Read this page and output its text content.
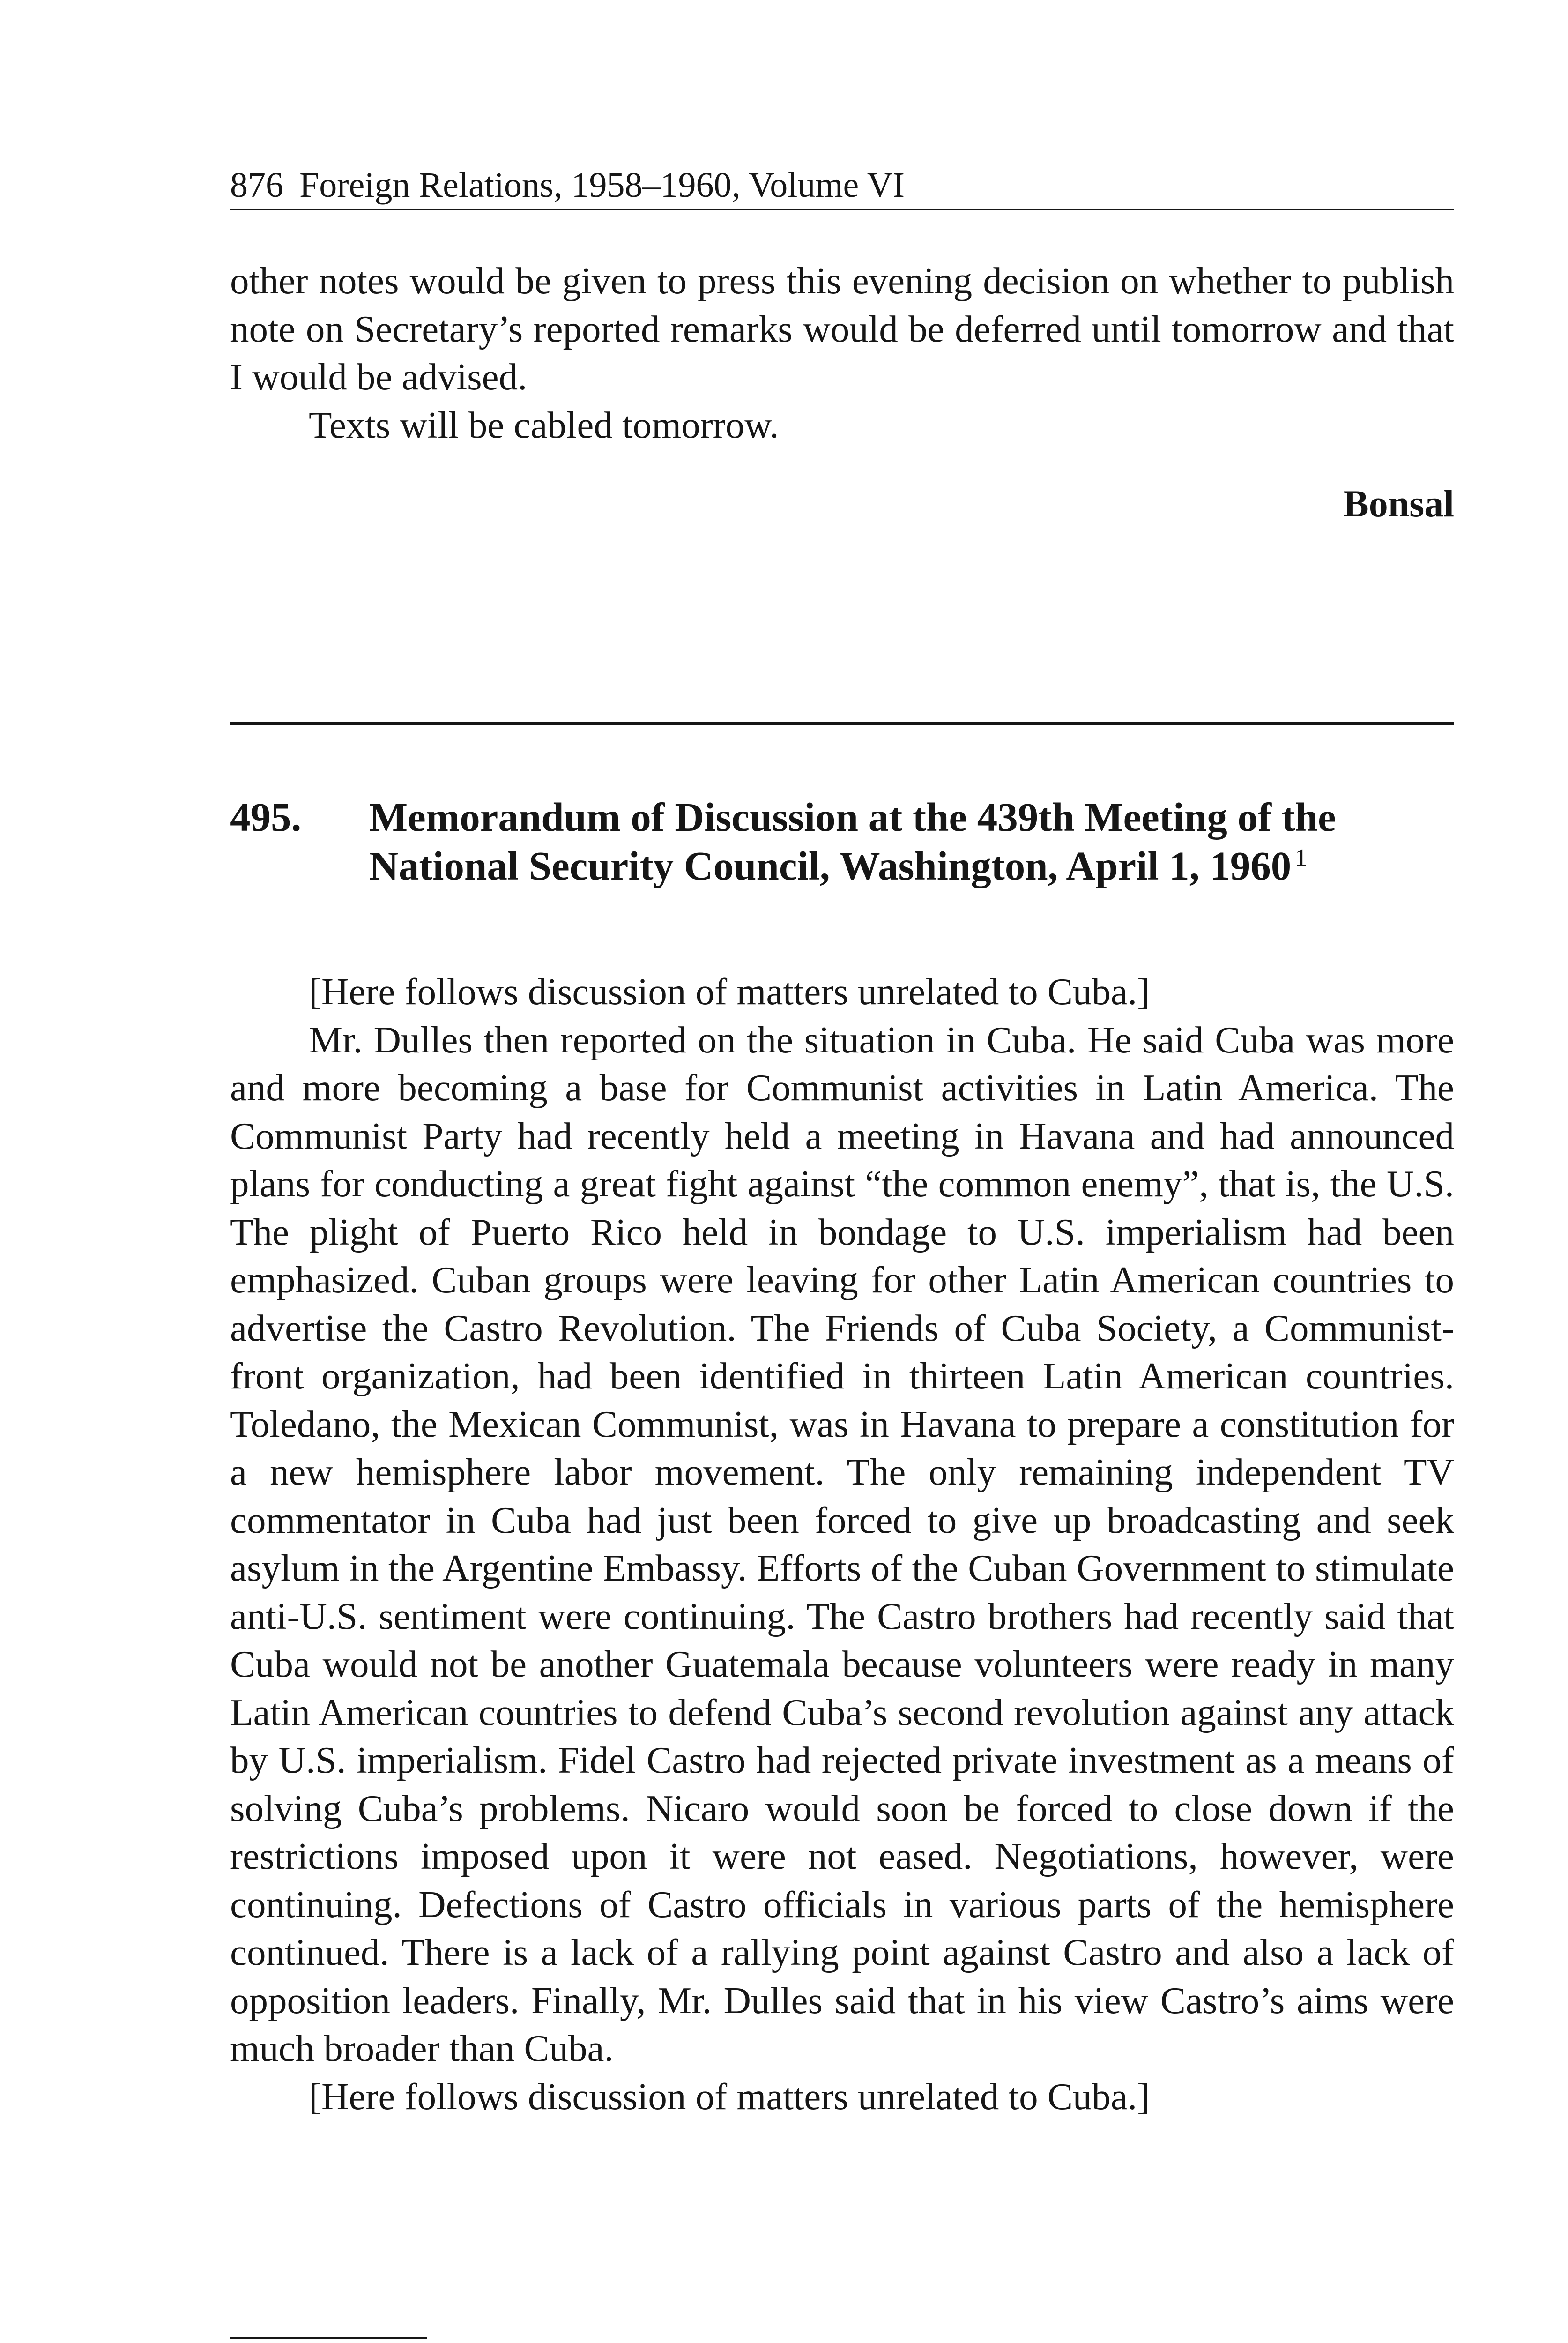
876 Foreign Relations, 1958–1960, Volume VI

other notes would be given to press this evening decision on whether to publish note on Secretary’s reported remarks would be deferred until tomorrow and that I would be advised.

Texts will be cabled tomorrow.

Bonsal
495. Memorandum of Discussion at the 439th Meeting of the National Security Council, Washington, April 1, 1960 $^1$

[Here follows discussion of matters unrelated to Cuba.]

Mr. Dulles then reported on the situation in Cuba. He said Cuba was more and more becoming a base for Communist activities in Latin America. The Communist Party had recently held a meeting in Havana and had announced plans for conducting a great fight against “the common enemy”, that is, the U.S. The plight of Puerto Rico held in bondage to U.S. imperialism had been emphasized. Cuban groups were leaving for other Latin American countries to advertise the Castro Revolution. The Friends of Cuba Society, a Communist-front organization, had been identified in thirteen Latin American countries. Toledano, the Mexican Communist, was in Havana to prepare a constitution for a new hemisphere labor movement. The only remaining independent TV commentator in Cuba had just been forced to give up broadcasting and seek asylum in the Argentine Embassy. Efforts of the Cuban Government to stimulate anti-U.S. sentiment were continuing. The Castro brothers had recently said that Cuba would not be another Guatemala because volunteers were ready in many Latin American countries to defend Cuba’s second revolution against any attack by U.S. imperialism. Fidel Castro had rejected private investment as a means of solving Cuba’s problems. Nicaro would soon be forced to close down if the restrictions imposed upon it were not eased. Negotiations, however, were continuing. Defections of Castro officials in various parts of the hemisphere continued. There is a lack of a rallying point against Castro and also a lack of opposition leaders. Finally, Mr. Dulles said that in his view Castro’s aims were much broader than Cuba.

[Here follows discussion of matters unrelated to Cuba.]
